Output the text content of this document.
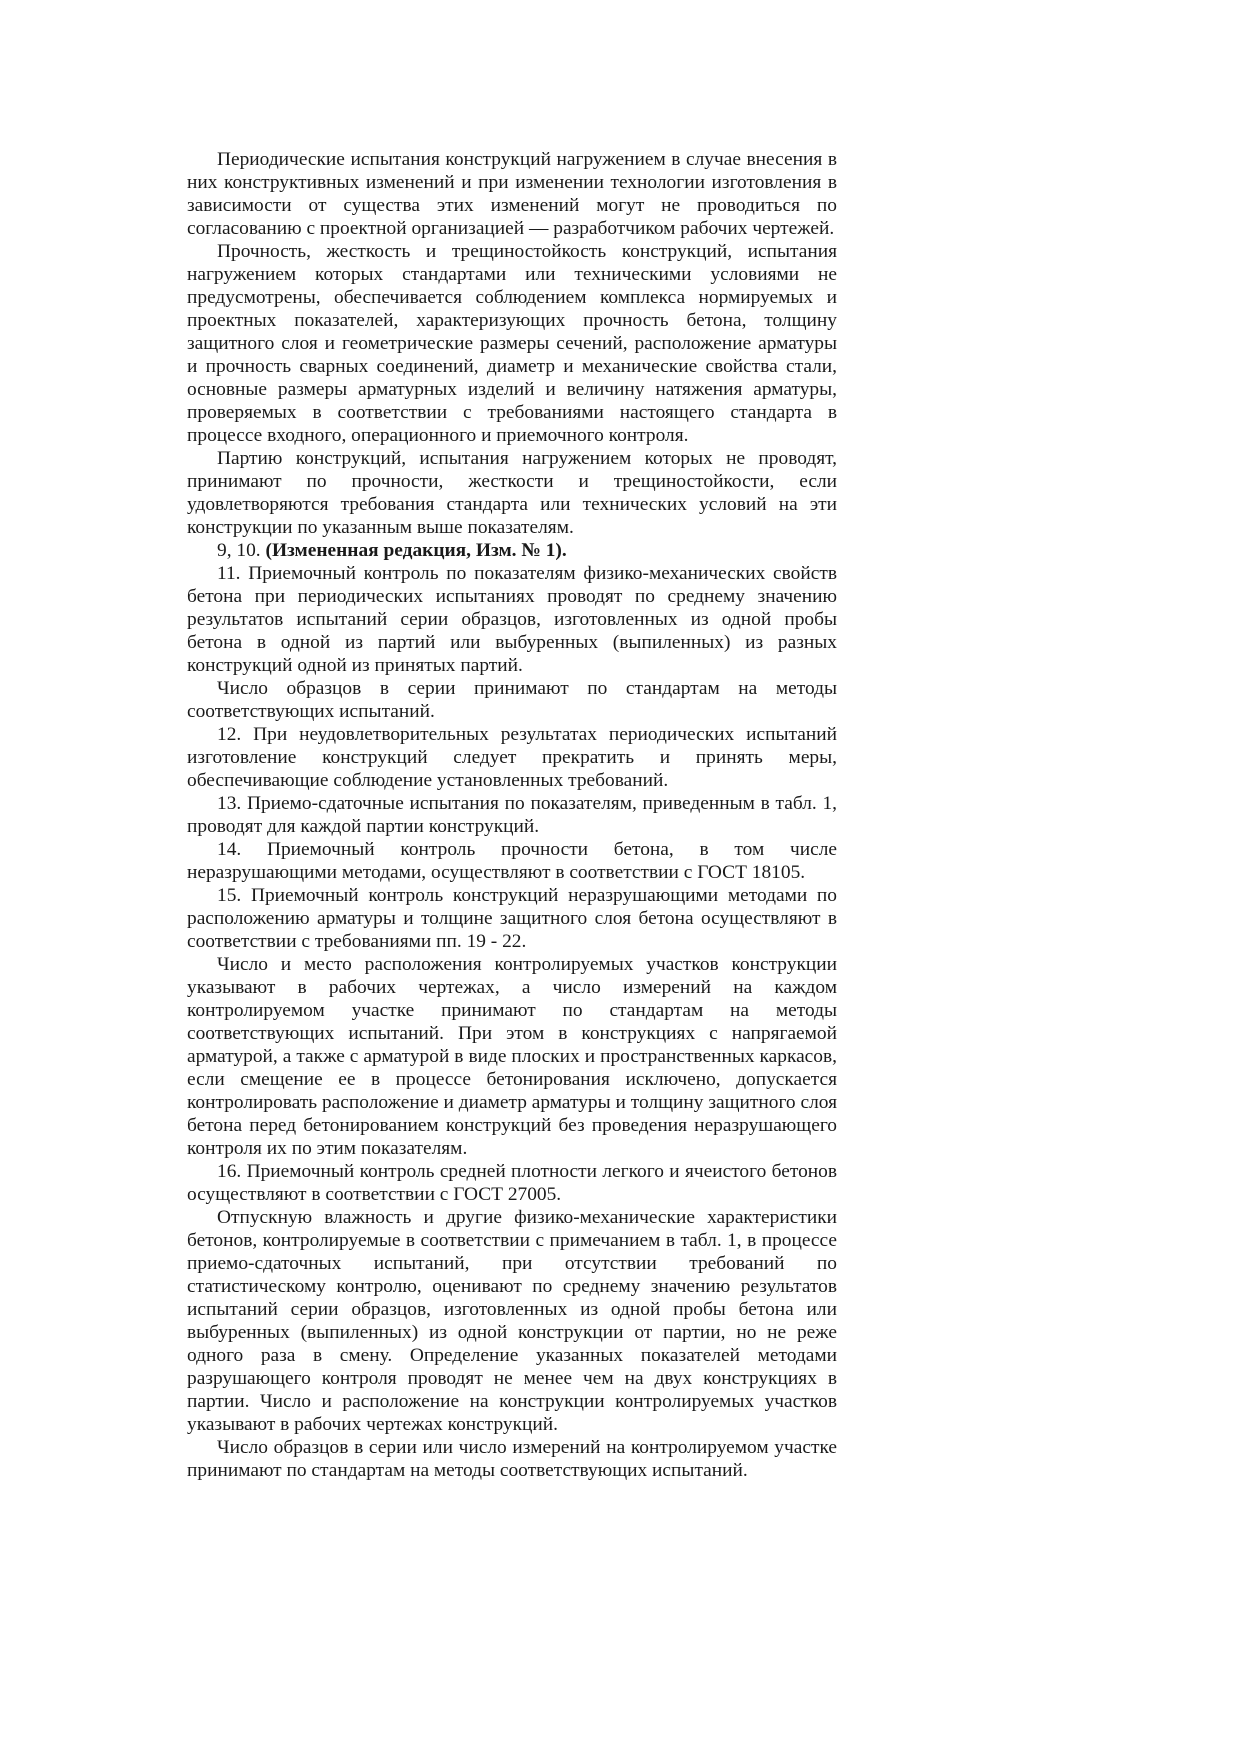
Периодические испытания конструкций нагружением в случае внесения в них конструктивных изменений и при изменении технологии изготовления в зависимости от существа этих изменений могут не проводиться по согласованию с проектной организацией — разработчиком рабочих чертежей.

Прочность, жесткость и трещиностойкость конструкций, испытания нагружением которых стандартами или техническими условиями не предусмотрены, обеспечивается соблюдением комплекса нормируемых и проектных показателей, характеризующих прочность бетона, толщину защитного слоя и геометрические размеры сечений, расположение арматуры и прочность сварных соединений, диаметр и механические свойства стали, основные размеры арматурных изделий и величину натяжения арматуры, проверяемых в соответствии с требованиями настоящего стандарта в процессе входного, операционного и приемочного контроля.

Партию конструкций, испытания нагружением которых не проводят, принимают по прочности, жесткости и трещиностойкости, если удовлетворяются требования стандарта или технических условий на эти конструкции по указанным выше показателям.

9, 10. (Измененная редакция, Изм. № 1).

11. Приемочный контроль по показателям физико-механических свойств бетона при периодических испытаниях проводят по среднему значению результатов испытаний серии образцов, изготовленных из одной пробы бетона в одной из партий или выбуренных (выпиленных) из разных конструкций одной из принятых партий.

Число образцов в серии принимают по стандартам на методы соответствующих испытаний.

12. При неудовлетворительных результатах периодических испытаний изготовление конструкций следует прекратить и принять меры, обеспечивающие соблюдение установленных требований.

13. Приемо-сдаточные испытания по показателям, приведенным в табл. 1, проводят для каждой партии конструкций.

14. Приемочный контроль прочности бетона, в том числе неразрушающими методами, осуществляют в соответствии с ГОСТ 18105.

15. Приемочный контроль конструкций неразрушающими методами по расположению арматуры и толщине защитного слоя бетона осуществляют в соответствии с требованиями пп. 19 - 22.

Число и место расположения контролируемых участков конструкции указывают в рабочих чертежах, а число измерений на каждом контролируемом участке принимают по стандартам на методы соответствующих испытаний. При этом в конструкциях с напрягаемой арматурой, а также с арматурой в виде плоских и пространственных каркасов, если смещение ее в процессе бетонирования исключено, допускается контролировать расположение и диаметр арматуры и толщину защитного слоя бетона перед бетонированием конструкций без проведения неразрушающего контроля их по этим показателям.

16. Приемочный контроль средней плотности легкого и ячеистого бетонов осуществляют в соответствии с ГОСТ 27005.

Отпускную влажность и другие физико-механические характеристики бетонов, контролируемые в соответствии с примечанием в табл. 1, в процессе приемо-сдаточных испытаний, при отсутствии требований по статистическому контролю, оценивают по среднему значению результатов испытаний серии образцов, изготовленных из одной пробы бетона или выбуренных (выпиленных) из одной конструкции от партии, но не реже одного раза в смену. Определение указанных показателей методами разрушающего контроля проводят не менее чем на двух конструкциях в партии. Число и расположение на конструкции контролируемых участков указывают в рабочих чертежах конструкций.

Число образцов в серии или число измерений на контролируемом участке принимают по стандартам на методы соответствующих испытаний.
